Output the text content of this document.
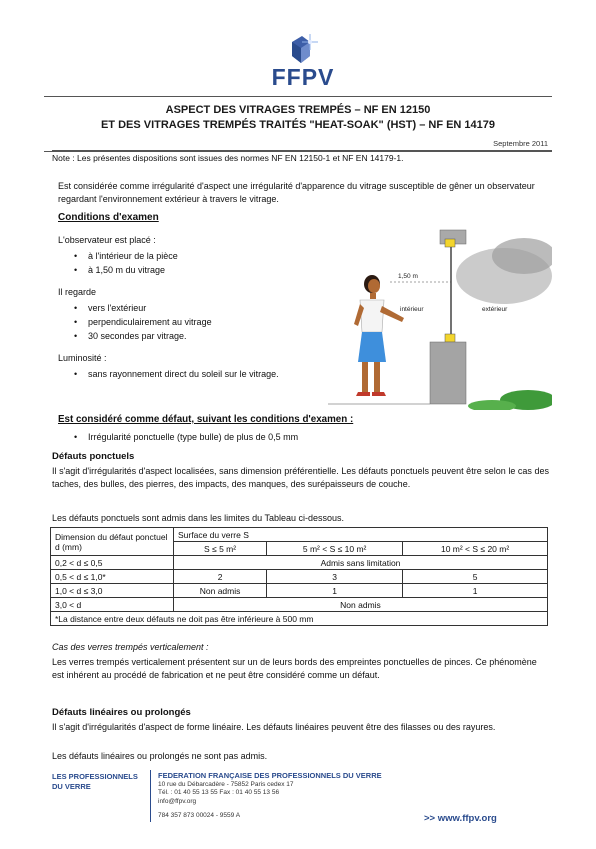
FFPV
ASPECT DES VITRAGES TREMPÉS – NF EN 12150
ET DES VITRAGES TREMPÉS TRAITÉS "HEAT-SOAK" (HST) – NF EN 14179
Septembre 2011
Note : Les présentes dispositions sont issues des normes NF EN 12150-1 et NF EN 14179-1.
Est considérée comme irrégularité d'aspect une irrégularité d'apparence du vitrage susceptible de gêner un observateur regardant l'environnement extérieur à travers le vitrage.
Conditions d'examen
L'observateur est placé :
• à l'intérieur de la pièce
• à 1,50 m du vitrage
Il regarde
• vers l'extérieur
• perpendiculairement au vitrage
• 30 secondes par vitrage.
Luminosité :
• sans rayonnement direct du soleil sur le vitrage.
1,50 m
intérieur	extérieur
Est considéré comme défaut, suivant les conditions d'examen :
• Irrégularité ponctuelle (type bulle) de plus de 0,5 mm
Défauts ponctuels
Il s'agit d'irrégularités d'aspect localisées, sans dimension préférentielle. Les défauts ponctuels peuvent être selon le cas des taches, des bulles, des pierres, des impacts, des manques, des surépaisseurs de couche.
Les défauts ponctuels sont admis dans les limites du Tableau ci-dessous.
Dimension du défaut ponctuel d (mm)	Surface du verre S		
	S ≤ 5 m²	5 m² < S ≤ 10 m²	10 m² < S ≤ 20 m²
0,2 < d ≤ 0,5	Admis sans limitation		
0,5 < d ≤ 1,0*	2	3	5
1,0 < d ≤ 3,0	Non admis	1	1
3,0 < d	Non admis		
*La distance entre deux défauts ne doit pas être inférieure à 500 mm			
Cas des verres trempés verticalement :
Les verres trempés verticalement présentent sur un de leurs bords des empreintes ponctuelles de pinces. Ce phénomène est inhérent au procédé de fabrication et ne peut être considéré comme un défaut.
Défauts linéaires ou prolongés
Il s'agit d'irrégularités d'aspect de forme linéaire. Les défauts linéaires peuvent être des filasses ou des rayures.
Les défauts linéaires ou prolongés ne sont pas admis.
LES PROFESSIONNELS
DU VERRE
FEDERATION FRANÇAISE DES PROFESSIONNELS DU VERRE
10 rue du Débarcadère - 75852 Paris cedex 17
Tél. : 01 40 55 13 55 Fax : 01 40 55 13 56
info@ffpv.org
784 357 873 00024 - 9559 A	>> www.ffpv.org
